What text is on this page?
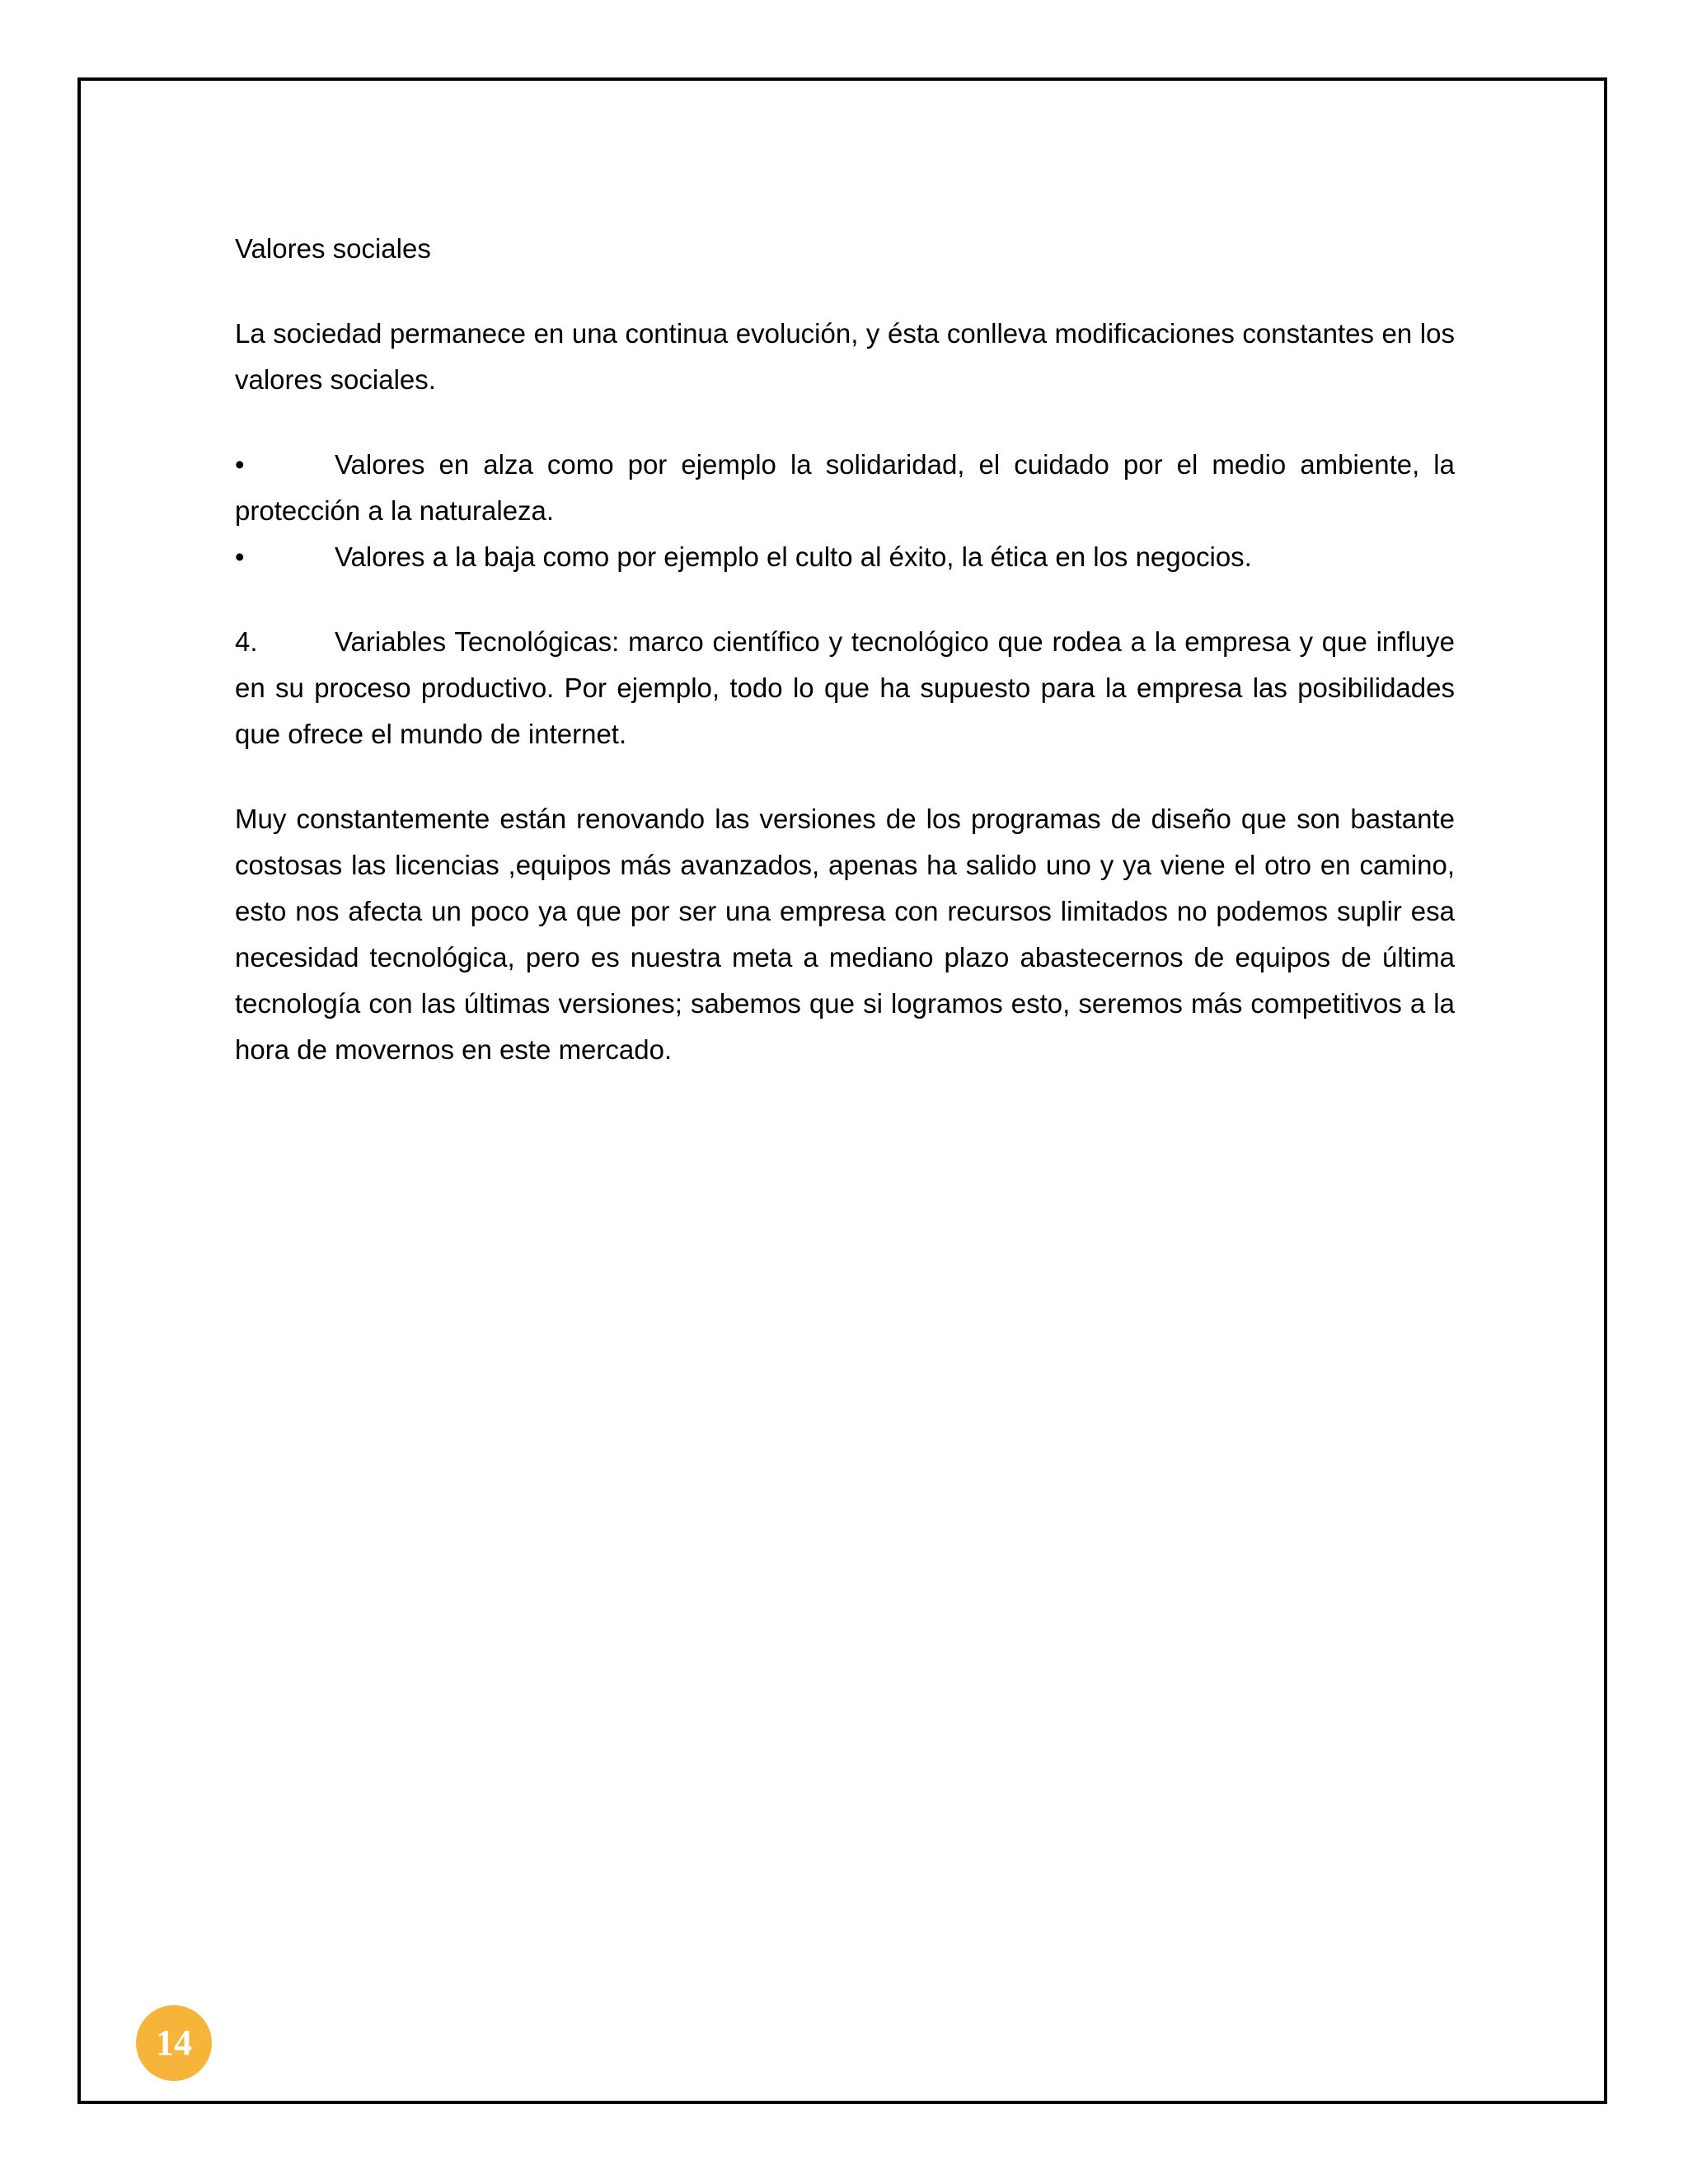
Valores sociales

La sociedad permanece en una continua evolución, y ésta conlleva modificaciones constantes en los valores sociales.

•	Valores en alza como por ejemplo la solidaridad, el cuidado por el medio ambiente, la protección a la naturaleza.
•	Valores a la baja como por ejemplo el culto al éxito, la ética en los negocios.

4.	Variables Tecnológicas: marco científico y tecnológico que rodea a la empresa y que influye en su proceso productivo. Por ejemplo, todo lo que ha supuesto para la empresa las posibilidades que ofrece el mundo de internet.

Muy constantemente están renovando las versiones de los programas de diseño que son bastante costosas las licencias ,equipos más avanzados, apenas ha salido uno y ya viene el otro en camino, esto nos afecta un poco ya que por ser una empresa con recursos limitados no podemos suplir esa necesidad tecnológica, pero es nuestra meta a mediano plazo abastecernos de equipos de última tecnología con las últimas versiones; sabemos que si logramos esto, seremos más competitivos a la hora de movernos en este mercado.

14
